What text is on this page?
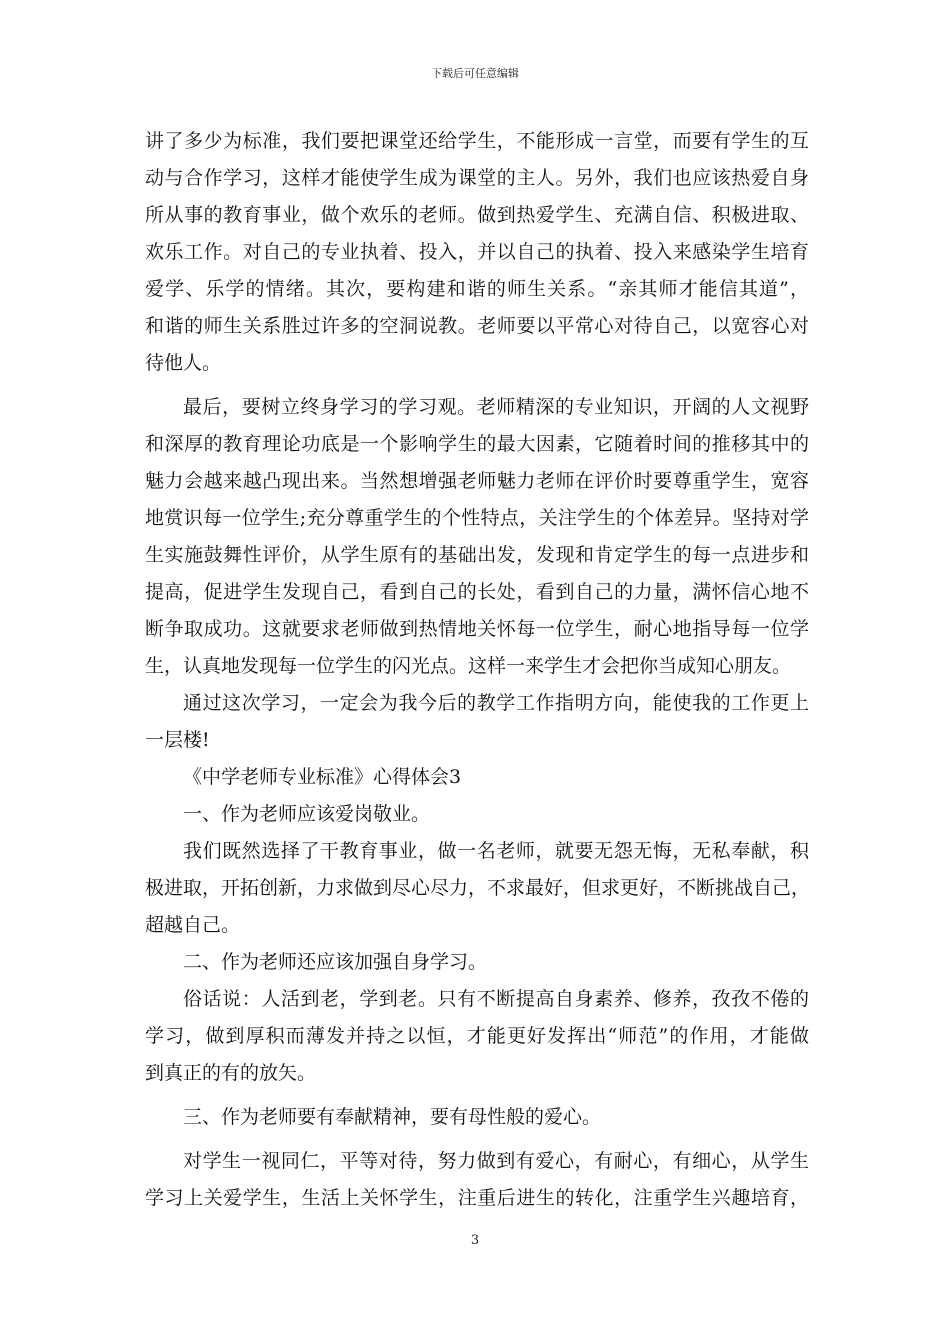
下载后可任意编辑
讲了多少为标准，我们要把课堂还给学生，不能形成一言堂，而要有学生的互
动与合作学习，这样才能使学生成为课堂的主人。另外，我们也应该热爱自身
所从事的教育事业，做个欢乐的老师。做到热爱学生、充满自信、积极进取、
欢乐工作。对自己的专业执着、投入，并以自己的执着、投入来感染学生培育
爱学、乐学的情绪。其次，要构建和谐的师生关系。“亲其师才能信其道”，
和谐的师生关系胜过许多的空洞说教。老师要以平常心对待自己，以宽容心对
待他人。
最后，要树立终身学习的学习观。老师精深的专业知识，开阔的人文视野
和深厚的教育理论功底是一个影响学生的最大因素，它随着时间的推移其中的
魅力会越来越凸现出来。当然想增强老师魅力老师在评价时要尊重学生，宽容
地赏识每一位学生;充分尊重学生的个性特点，关注学生的个体差异。坚持对学
生实施鼓舞性评价，从学生原有的基础出发，发现和肯定学生的每一点进步和
提高，促进学生发现自己，看到自己的长处，看到自己的力量，满怀信心地不
断争取成功。这就要求老师做到热情地关怀每一位学生，耐心地指导每一位学
生，认真地发现每一位学生的闪光点。这样一来学生才会把你当成知心朋友。
通过这次学习，一定会为我今后的教学工作指明方向，能使我的工作更上
一层楼!
《中学老师专业标准》心得体会3
一、作为老师应该爱岗敬业。
我们既然选择了干教育事业，做一名老师，就要无怨无悔，无私奉献，积
极进取，开拓创新，力求做到尽心尽力，不求最好，但求更好，不断挑战自己，
超越自己。
二、作为老师还应该加强自身学习。
俗话说：人活到老，学到老。只有不断提高自身素养、修养，孜孜不倦的
学习，做到厚积而薄发并持之以恒，才能更好发挥出“师范”的作用，才能做
到真正的有的放矢。
三、作为老师要有奉献精神，要有母性般的爱心。
对学生一视同仁，平等对待，努力做到有爱心，有耐心，有细心，从学生
学习上关爱学生，生活上关怀学生，注重后进生的转化，注重学生兴趣培育，
3
